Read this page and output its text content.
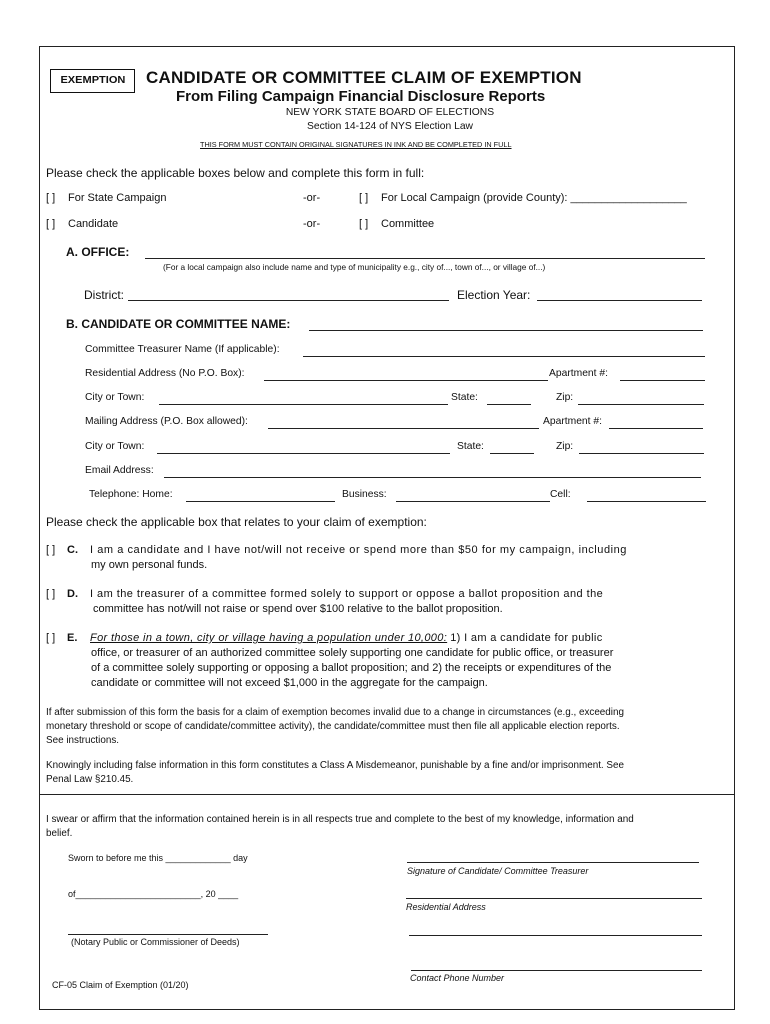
EXEMPTION	CANDIDATE OR COMMITTEE CLAIM OF EXEMPTION
From Filing Campaign Financial Disclosure Reports
NEW YORK STATE BOARD OF ELECTIONS
Section 14-124 of NYS Election Law
THIS FORM MUST CONTAIN ORIGINAL SIGNATURES IN INK AND BE COMPLETED IN FULL
Please check the applicable boxes below and complete this form in full:
[ ] For State Campaign	-or-	[ ] For Local Campaign (provide County): ___________________
[ ] Candidate	-or-	[ ] Committee
A. OFFICE:
(For a local campaign also include name and type of municipality e.g., city of..., town of..., or village of...)
District:	Election Year:
B. CANDIDATE OR COMMITTEE NAME:
Committee Treasurer Name (If applicable):
Residential Address (No P.O. Box):	Apartment #:
City or Town:	State:	Zip:
Mailing Address (P.O. Box allowed):	Apartment #:
City or Town:	State:	Zip:
Email Address:
Telephone: Home:	Business:	Cell:
Please check the applicable box that relates to your claim of exemption:
[ ] C. I am a candidate and I have not/will not receive or spend more than $50 for my campaign, including
my own personal funds.
[ ] D. I am the treasurer of a committee formed solely to support or oppose a ballot proposition and the
committee has not/will not raise or spend over $100 relative to the ballot proposition.
[ ] E. For those in a town, city or village having a population under 10,000: 1) I am a candidate for public
office, or treasurer of an authorized committee solely supporting one candidate for public office, or treasurer
of a committee solely supporting or opposing a ballot proposition; and 2) the receipts or expenditures of the
candidate or committee will not exceed $1,000 in the aggregate for the campaign.
If after submission of this form the basis for a claim of exemption becomes invalid due to a change in circumstances (e.g., exceeding
monetary threshold or scope of candidate/committee activity), the candidate/committee must then file all applicable election reports.
See instructions.
Knowingly including false information in this form constitutes a Class A Misdemeanor, punishable by a fine and/or imprisonment. See
Penal Law §210.45.
I swear or affirm that the information contained herein is in all respects true and complete to the best of my knowledge, information and
belief.
Sworn to before me this _____________ day
of_________________________, 20 ____
(Notary Public or Commissioner of Deeds)
Signature of Candidate/ Committee Treasurer
Residential Address
Contact Phone Number
CF-05 Claim of Exemption (01/20)
